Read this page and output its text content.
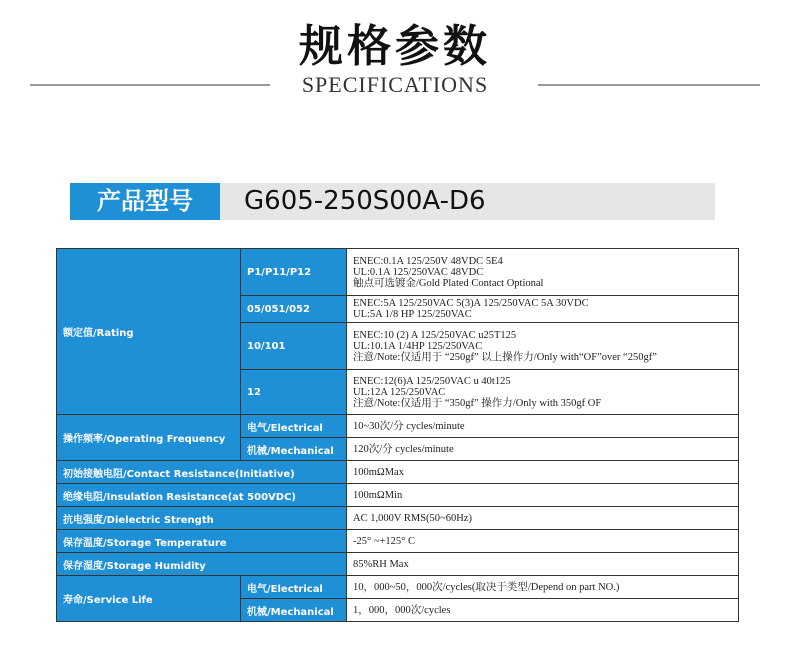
规格参数
SPECIFICATIONS
产品型号	G605-250S00A-D6
额定值/Rating	P1/P11/P12	ENEC:0.1A 125/250V 48VDC 5E4
UL:0.1A 125/250VAC 48VDC
触点可选镀金/Gold Plated Contact Optional

	05/051/052	ENEC:5A 125/250VAC 5(3)A 125/250VAC 5A 30VDC
UL:5A 1/8 HP 125/250VAC

	10/101	ENEC:10 (2) A 125/250VAC u25T125
UL:10.1A 1/4HP 125/250VAC
注意/Note:仅适用于 “250gf” 以上操作力/Only with“OF”over “250gf”

	12	ENEC:12(6)A 125/250VAC u 40t125
UL:12A 125/250VAC
注意/Note:仅适用于 “350gf” 操作力/Only with 350gf OF

操作频率/Operating Frequency	电气/Electrical	10~30次/分 cycles/minute
	机械/Mechanical	120次/分 cycles/minute
初始接触电阻/Contact Resistance(Initiative)		100mΩMax
绝缘电阻/Insulation Resistance(at 500VDC)		100mΩMin
抗电强度/Dielectric Strength		AC 1,000V RMS(50~60Hz)
保存温度/Storage Temperature		-25° ~+125° C
保存湿度/Storage Humidity		85%RH Max
寿命/Service Life	电气/Electrical	10，000~50，000次/cycles(取决于类型/Depend on part NO.)
	机械/Mechanical	1，000，000次/cycles
